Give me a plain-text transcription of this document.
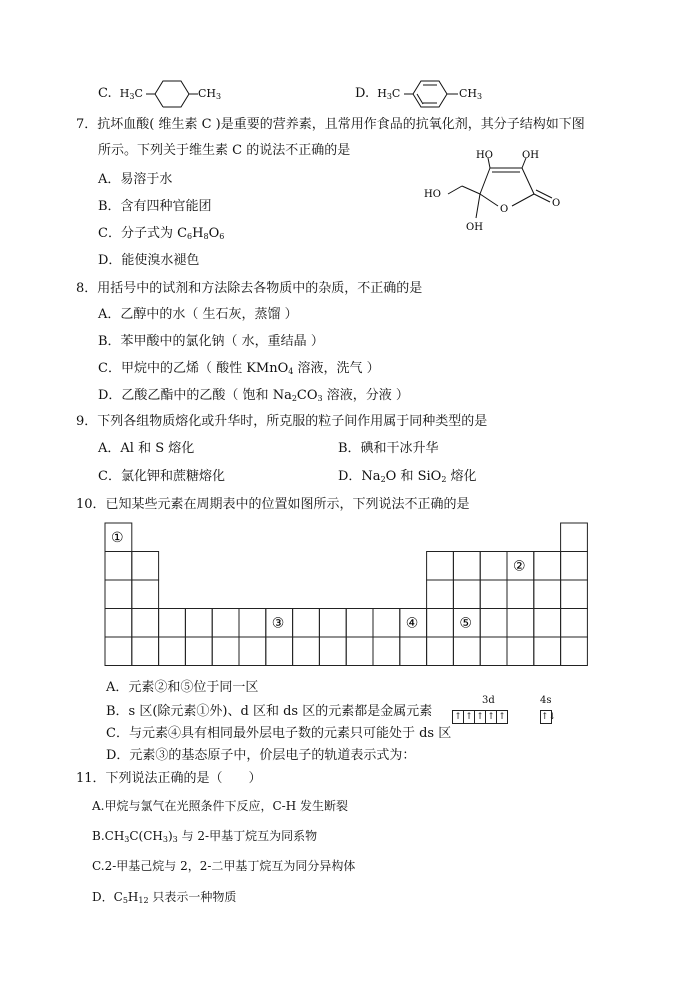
C. $H_3C$	$CH_3$	D. $H_3C$	$CH_3$
7．抗坏血酸( 维生素 C )是重要的营养素，且常用作食品的抗氧化剂，其分子结构如下图
所示。下列关于维生素 C 的说法不正确的是
A．易溶于水
B．含有四种官能团
C．分子式为 $C_6H_8O_6$
D．能使溴水褪色
HO	OH
HO
O
O
OH
8．用括号中的试剂和方法除去各物质中的杂质，不正确的是
A．乙醇中的水（ 生石灰，蒸馏 ）
B．苯甲酸中的氯化钠（ 水，重结晶 ）
C．甲烷中的乙烯（ 酸性 KMnO$_4$ 溶液，洗气 ）
D．乙酸乙酯中的乙酸（ 饱和 $Na_2CO_3$ 溶液，分液 ）
9．下列各组物质熔化或升华时，所克服的粒子间作用属于同种类型的是
A．Al 和 S 熔化	B．碘和干冰升华
C．氯化钾和蔗糖熔化	D．$Na_2O$ 和 SiO$_2$ 熔化
10．已知某些元素在周期表中的位置如图所示，下列说法不正确的是
①
②
③	④	⑤
A．元素②和⑤位于同一区
B．s 区(除元素①外)、d 区和 ds 区的元素都是金属元素
C．与元素④具有相同最外层电子数的元素只可能处于 ds 区
D．元素③的基态原子中，价层电子的轨道表示式为：
3d	4s
↑ ↑ ↑ ↑ ↑	↑↓
11．下列说法正确的是（　　）
A.甲烷与氯气在光照条件下反应，C-H 发生断裂
$B.CH_3C(CH_3)_3$ 与 2-甲基丁烷互为同系物
C.2-甲基己烷与 2，2-二甲基丁烷互为同分异构体
D．$C_5H_{12}$ 只表示一种物质
